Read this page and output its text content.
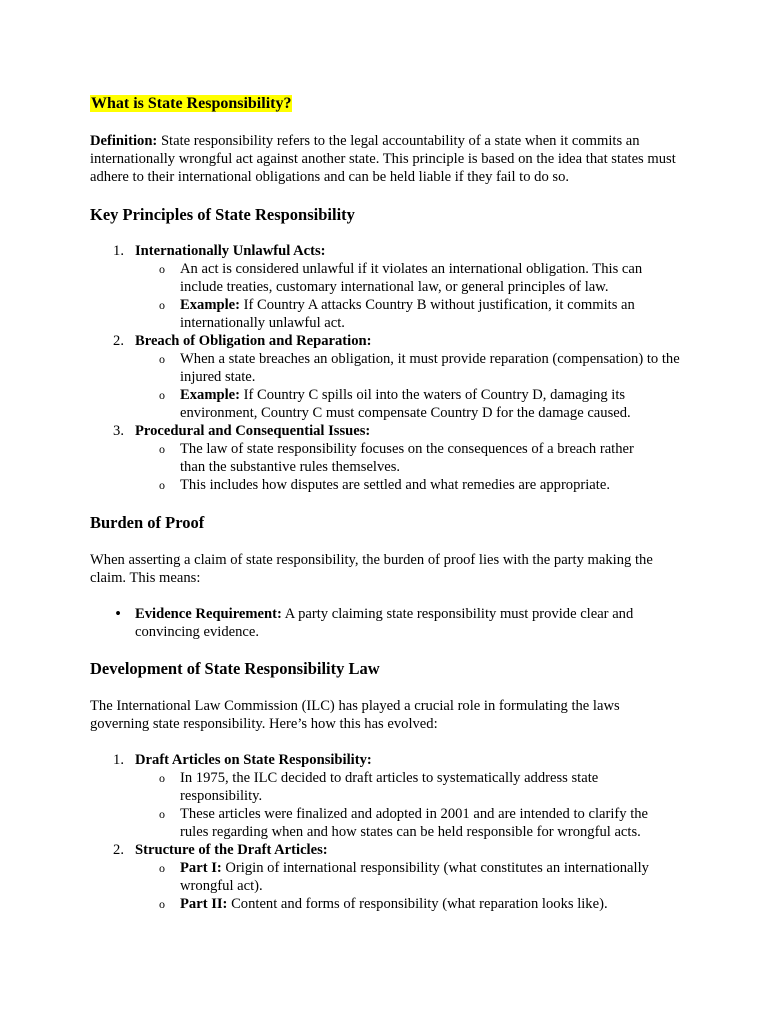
What is State Responsibility?
Definition: State responsibility refers to the legal accountability of a state when it commits an internationally wrongful act against another state. This principle is based on the idea that states must adhere to their international obligations and can be held liable if they fail to do so.
Key Principles of State Responsibility
1. Internationally Unlawful Acts:
o An act is considered unlawful if it violates an international obligation. This can include treaties, customary international law, or general principles of law.
o Example: If Country A attacks Country B without justification, it commits an internationally unlawful act.
2. Breach of Obligation and Reparation:
o When a state breaches an obligation, it must provide reparation (compensation) to the injured state.
o Example: If Country C spills oil into the waters of Country D, damaging its environment, Country C must compensate Country D for the damage caused.
3. Procedural and Consequential Issues:
o The law of state responsibility focuses on the consequences of a breach rather than the substantive rules themselves.
o This includes how disputes are settled and what remedies are appropriate.
Burden of Proof
When asserting a claim of state responsibility, the burden of proof lies with the party making the claim. This means:
• Evidence Requirement: A party claiming state responsibility must provide clear and convincing evidence.
Development of State Responsibility Law
The International Law Commission (ILC) has played a crucial role in formulating the laws governing state responsibility. Here’s how this has evolved:
1. Draft Articles on State Responsibility:
o In 1975, the ILC decided to draft articles to systematically address state responsibility.
o These articles were finalized and adopted in 2001 and are intended to clarify the rules regarding when and how states can be held responsible for wrongful acts.
2. Structure of the Draft Articles:
o Part I: Origin of international responsibility (what constitutes an internationally wrongful act).
o Part II: Content and forms of responsibility (what reparation looks like).
